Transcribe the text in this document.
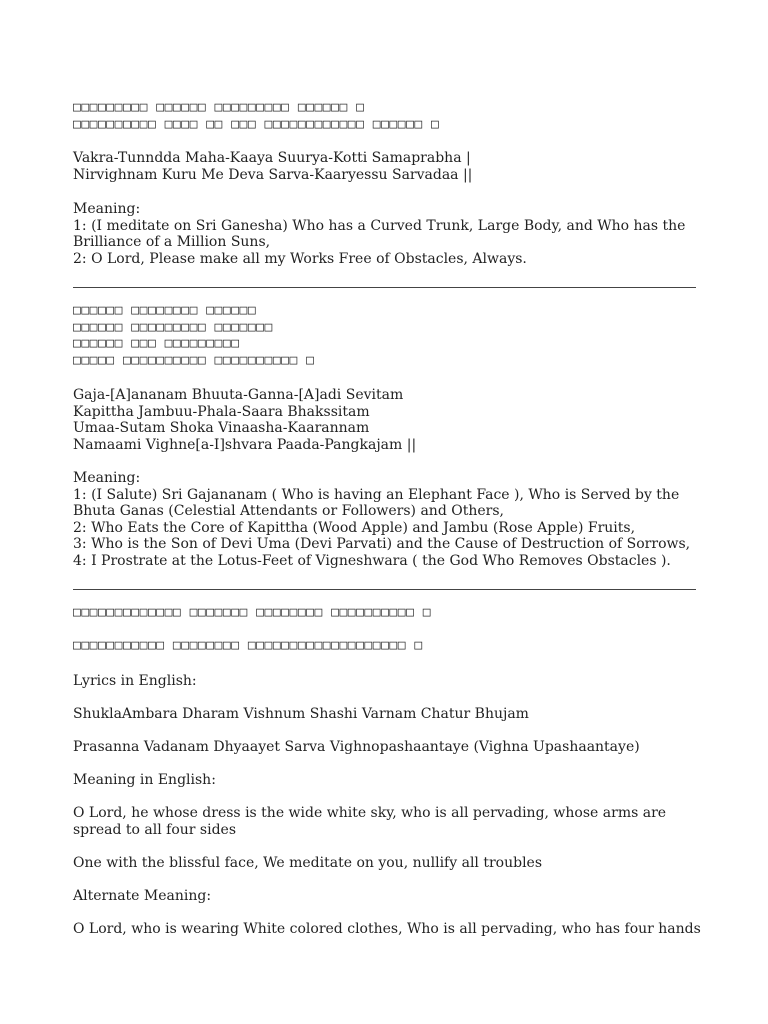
□□□□□□□□□ □□□□□□ □□□□□□□□□ □□□□□□ □
□□□□□□□□□□ □□□□ □□ □□□ □□□□□□□□□□□□ □□□□□□ □
Vakra-Tunndda Maha-Kaaya Suurya-Kotti Samaprabha |
Nirvighnam Kuru Me Deva Sarva-Kaaryessu Sarvadaa ||
Meaning:
1: (I meditate on Sri Ganesha) Who has a Curved Trunk, Large Body, and Who has the Brilliance of a Million Suns,
2: O Lord, Please make all my Works Free of Obstacles, Always.
□□□□□□ □□□□□□□□ □□□□□□
□□□□□□ □□□□□□□□□ □□□□□□□
□□□□□□ □□□ □□□□□□□□□
□□□□□ □□□□□□□□□□ □□□□□□□□□□ □
Gaja-[A]ananam Bhuuta-Ganna-[A]adi Sevitam
Kapittha Jambuu-Phala-Saara Bhakssitam
Umaa-Sutam Shoka Vinaasha-Kaarannam
Namaami Vighne[a-I]shvara Paada-Pangkajam ||
Meaning:
1: (I Salute) Sri Gajananam ( Who is having an Elephant Face ), Who is Served by the Bhuta Ganas (Celestial Attendants or Followers) and Others,
2: Who Eats the Core of Kapittha (Wood Apple) and Jambu (Rose Apple) Fruits,
3: Who is the Son of Devi Uma (Devi Parvati) and the Cause of Destruction of Sorrows,
4: I Prostrate at the Lotus-Feet of Vigneshwara ( the God Who Removes Obstacles ).
□□□□□□□□□□□□□ □□□□□□□ □□□□□□□□ □□□□□□□□□□ □
□□□□□□□□□□□ □□□□□□□□ □□□□□□□□□□□□□□□□□□□ □
Lyrics in English:
ShuklaAmbara Dharam Vishnum Shashi Varnam Chatur Bhujam
Prasanna Vadanam Dhyaayet Sarva Vighnopashaantaye (Vighna Upashaantaye)
Meaning in English:
O Lord, he whose dress is the wide white sky, who is all pervading, whose arms are spread to all four sides
One with the blissful face, We meditate on you, nullify all troubles
Alternate Meaning:
O Lord, who is wearing White colored clothes, Who is all pervading, who has four hands
